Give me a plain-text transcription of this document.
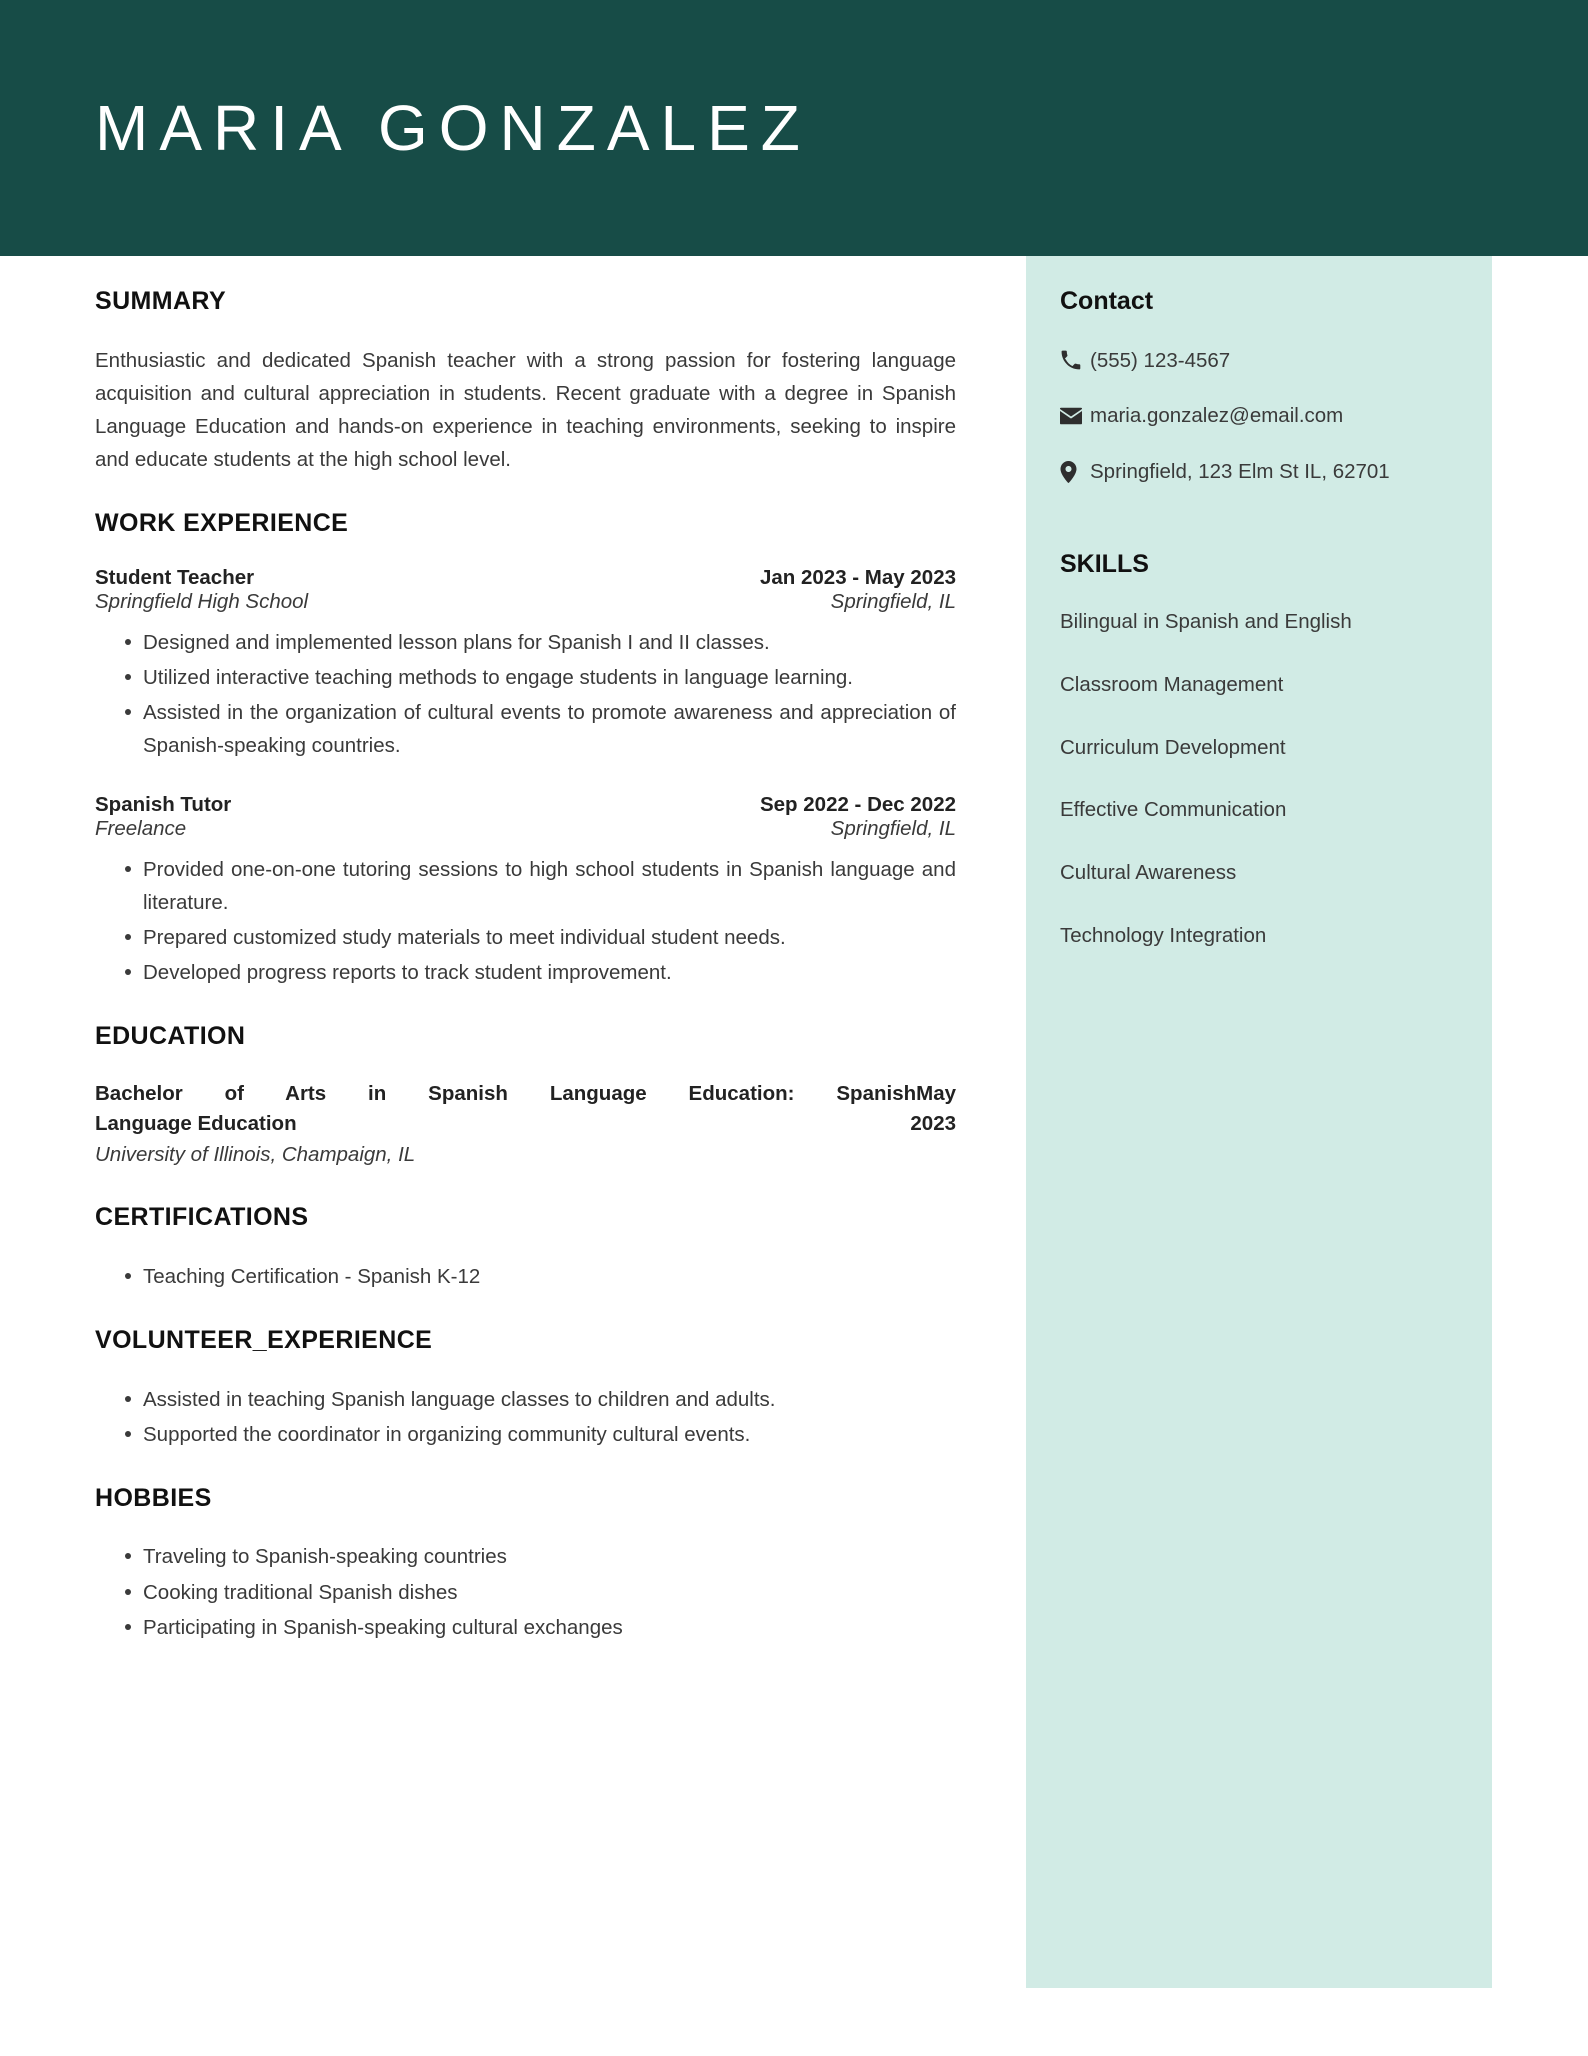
MARIA GONZALEZ
SUMMARY

Enthusiastic and dedicated Spanish teacher with a strong passion for fostering language acquisition and cultural appreciation in students. Recent graduate with a degree in Spanish Language Education and hands-on experience in teaching environments, seeking to inspire and educate students at the high school level.

WORK EXPERIENCE
Student Teacher	Jan 2023 - May 2023
Springfield High School	Springfield, IL
Designed and implemented lesson plans for Spanish I and II classes.
Utilized interactive teaching methods to engage students in language learning.
Assisted in the organization of cultural events to promote awareness and appreciation of Spanish-speaking countries.
Spanish Tutor	Sep 2022 - Dec 2022
Freelance	Springfield, IL
Provided one-on-one tutoring sessions to high school students in Spanish language and literature.
Prepared customized study materials to meet individual student needs.
Developed progress reports to track student improvement.
EDUCATION
Bachelor of Arts in Spanish Language Education: SpanishMay
Language Education	2023
University of Illinois, Champaign, IL
CERTIFICATIONS
Teaching Certification - Spanish K-12
VOLUNTEER_EXPERIENCE
Assisted in teaching Spanish language classes to children and adults.
Supported the coordinator in organizing community cultural events.
HOBBIES
Traveling to Spanish-speaking countries
Cooking traditional Spanish dishes
Participating in Spanish-speaking cultural exchanges
Contact
(555) 123-4567
maria.gonzalez@email.com
Springfield, 123 Elm St IL, 62701
SKILLS
Bilingual in Spanish and English
Classroom Management
Curriculum Development
Effective Communication
Cultural Awareness
Technology Integration
